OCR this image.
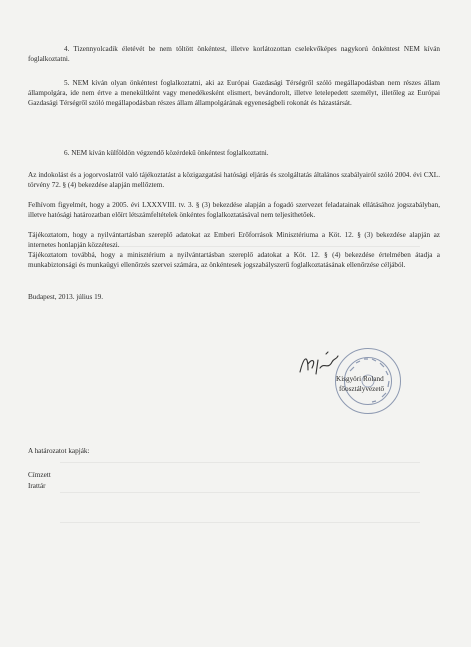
4. Tizennyolcadik életévét be nem töltött önkéntest, illetve korlátozottan cselekvőképes nagykorú önkéntest NEM kíván foglalkoztatni.

5. NEM kíván olyan önkéntest foglalkoztatni, aki az Európai Gazdasági Térségről szóló megállapodásban nem részes állam állampolgára, ide nem értve a menekültként vagy menedékesként elismert, bevándorolt, illetve letelepedett személyt, illetőleg az Európai Gazdasági Térségről szóló megállapodásban részes állam állampolgárának egyeneságbeli rokonát és házastársát.

6. NEM kíván külföldön végzendő közérdekű önkéntest foglalkoztatni.

Az indokolást és a jogorvoslatról való tájékoztatást a közigazgatási hatósági eljárás és szolgáltatás általános szabályairól szóló 2004. évi CXL. törvény 72. § (4) bekezdése alapján mellőztem.

Felhívom figyelmét, hogy a 2005. évi LXXXVIII. tv. 3. § (3) bekezdése alapján a fogadó szervezet feladatainak ellátásához jogszabályban, illetve hatósági határozatban előírt létszámfeltételek önkéntes foglalkoztatásával nem teljesíthetőek.

Tájékoztatom, hogy a nyilvántartásban szereplő adatokat az Emberi Erőforrások Minisztériuma a Köt. 12. § (3) bekezdése alapján az internetes honlapján közzéteszi.

Tájékoztatom továbbá, hogy a minisztérium a nyilvántartásban szereplő adatokat a Köt. 12. § (4) bekezdése értelmében átadja a munkabiztonsági és munkaügyi ellenőrzés szervei számára, az önkéntesek jogszabályszerű foglalkoztatásának ellenőrzése céljából.

Budapest, 2013. július 19.

Kisgyöri Roland

főosztályvezető

A határozatot kapják:

Címzett

Irattár
